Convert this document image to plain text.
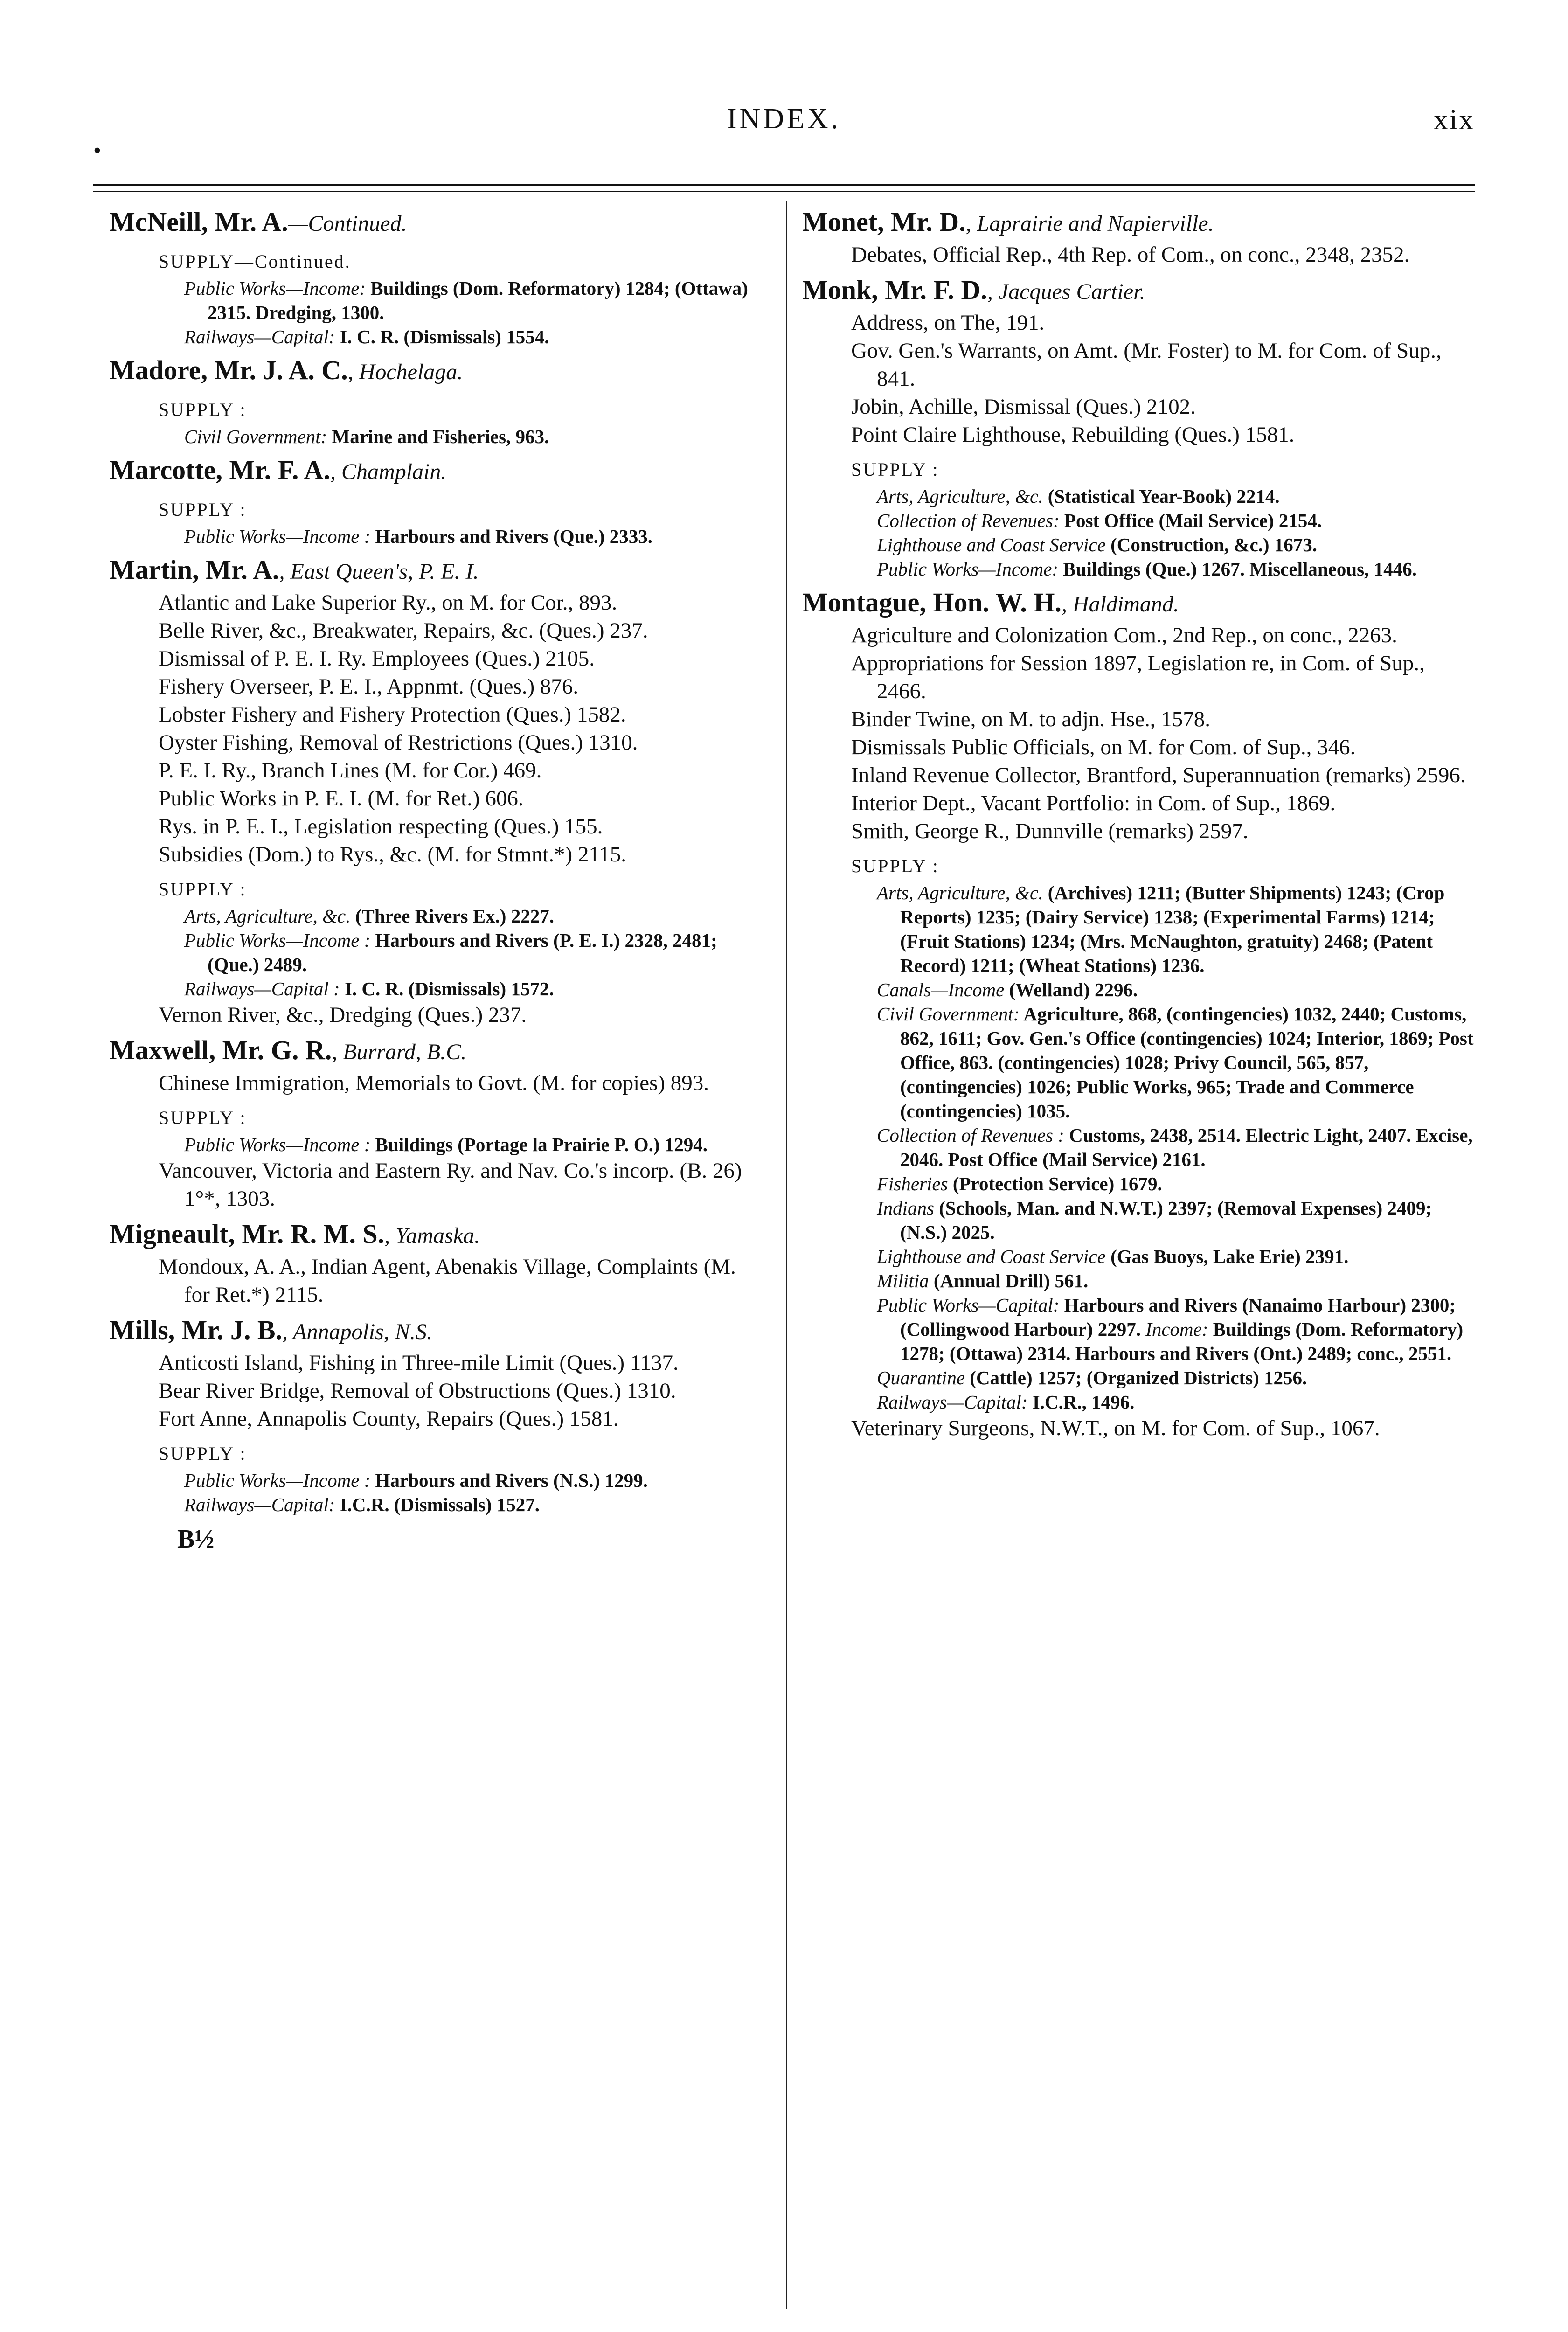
•
INDEX.	xix
McNeill, Mr. A.—Continued.
SUPPLY—Continued.
Public Works—Income: Buildings (Dom. Reformatory) 1284; (Ottawa) 2315. Dredging, 1300.
Railways—Capital: I. C. R. (Dismissals) 1554.
Madore, Mr. J. A. C., Hochelaga.
SUPPLY :
Civil Government: Marine and Fisheries, 963.
Marcotte, Mr. F. A., Champlain.
SUPPLY :
Public Works—Income : Harbours and Rivers (Que.) 2333.
Martin, Mr. A., East Queen's, P. E. I.
Atlantic and Lake Superior Ry., on M. for Cor., 893.
Belle River, &c., Breakwater, Repairs, &c. (Ques.) 237.
Dismissal of P. E. I. Ry. Employees (Ques.) 2105.
Fishery Overseer, P. E. I., Appnmt. (Ques.) 876.
Lobster Fishery and Fishery Protection (Ques.) 1582.
Oyster Fishing, Removal of Restrictions (Ques.) 1310.
P. E. I. Ry., Branch Lines (M. for Cor.) 469.
Public Works in P. E. I. (M. for Ret.) 606.
Rys. in P. E. I., Legislation respecting (Ques.) 155.
Subsidies (Dom.) to Rys., &c. (M. for Stmnt.*) 2115.
SUPPLY :
Arts, Agriculture, &c. (Three Rivers Ex.) 2227.
Public Works—Income : Harbours and Rivers (P. E. I.) 2328, 2481; (Que.) 2489.
Railways—Capital : I. C. R. (Dismissals) 1572.
Vernon River, &c., Dredging (Ques.) 237.
Maxwell, Mr. G. R., Burrard, B.C.
Chinese Immigration, Memorials to Govt. (M. for copies) 893.
SUPPLY :
Public Works—Income : Buildings (Portage la Prairie P. O.) 1294.
Vancouver, Victoria and Eastern Ry. and Nav. Co.'s incorp. (B. 26) 1°*, 1303.
Migneault, Mr. R. M. S., Yamaska.
Mondoux, A. A., Indian Agent, Abenakis Village, Complaints (M. for Ret.*) 2115.
Mills, Mr. J. B., Annapolis, N.S.
Anticosti Island, Fishing in Three-mile Limit (Ques.) 1137.
Bear River Bridge, Removal of Obstructions (Ques.) 1310.
Fort Anne, Annapolis County, Repairs (Ques.) 1581.
SUPPLY :
Public Works—Income : Harbours and Rivers (N.S.) 1299.
Railways—Capital: I.C.R. (Dismissals) 1527.
B½
Monet, Mr. D., Laprairie and Napierville.
Debates, Official Rep., 4th Rep. of Com., on conc., 2348, 2352.
Monk, Mr. F. D., Jacques Cartier.
Address, on The, 191.
Gov. Gen.'s Warrants, on Amt. (Mr. Foster) to M. for Com. of Sup., 841.
Jobin, Achille, Dismissal (Ques.) 2102.
Point Claire Lighthouse, Rebuilding (Ques.) 1581.
SUPPLY :
Arts, Agriculture, &c. (Statistical Year-Book) 2214.
Collection of Revenues: Post Office (Mail Service) 2154.
Lighthouse and Coast Service (Construction, &c.) 1673.
Public Works—Income: Buildings (Que.) 1267. Miscellaneous, 1446.
Montague, Hon. W. H., Haldimand.
Agriculture and Colonization Com., 2nd Rep., on conc., 2263.
Appropriations for Session 1897, Legislation re, in Com. of Sup., 2466.
Binder Twine, on M. to adjn. Hse., 1578.
Dismissals Public Officials, on M. for Com. of Sup., 346.
Inland Revenue Collector, Brantford, Superannuation (remarks) 2596.
Interior Dept., Vacant Portfolio: in Com. of Sup., 1869.
Smith, George R., Dunnville (remarks) 2597.
SUPPLY :
Arts, Agriculture, &c. (Archives) 1211; (Butter Shipments) 1243; (Crop Reports) 1235; (Dairy Service) 1238; (Experimental Farms) 1214; (Fruit Stations) 1234; (Mrs. McNaughton, gratuity) 2468; (Patent Record) 1211; (Wheat Stations) 1236.
Canals—Income (Welland) 2296.
Civil Government: Agriculture, 868, (contingencies) 1032, 2440; Customs, 862, 1611; Gov. Gen.'s Office (contingencies) 1024; Interior, 1869; Post Office, 863. (contingencies) 1028; Privy Council, 565, 857, (contingencies) 1026; Public Works, 965; Trade and Commerce (contingencies) 1035.
Collection of Revenues : Customs, 2438, 2514. Electric Light, 2407. Excise, 2046. Post Office (Mail Service) 2161.
Fisheries (Protection Service) 1679.
Indians (Schools, Man. and N.W.T.) 2397; (Removal Expenses) 2409; (N.S.) 2025.
Lighthouse and Coast Service (Gas Buoys, Lake Erie) 2391.
Militia (Annual Drill) 561.
Public Works—Capital: Harbours and Rivers (Nanaimo Harbour) 2300; (Collingwood Harbour) 2297. Income: Buildings (Dom. Reformatory) 1278; (Ottawa) 2314. Harbours and Rivers (Ont.) 2489; conc., 2551.
Quarantine (Cattle) 1257; (Organized Districts) 1256.
Railways—Capital: I.C.R., 1496.
Veterinary Surgeons, N.W.T., on M. for Com. of Sup., 1067.
